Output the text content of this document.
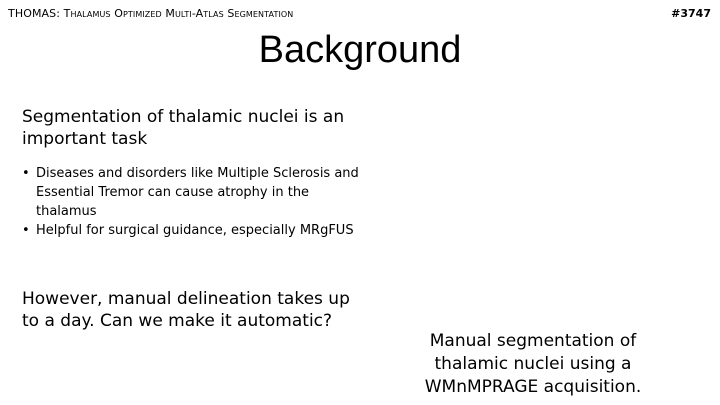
THOMAS: Thalamus Optimized Multi-Atlas Segmentation	#3747
Background
Segmentation of thalamic nuclei is an important task
• Diseases and disorders like Multiple Sclerosis and Essential Tremor can cause atrophy in the thalamus
• Helpful for surgical guidance, especially MRgFUS
However, manual delineation takes up to a day. Can we make it automatic?
Manual segmentation of thalamic nuclei using a WMnMPRAGE acquisition.
